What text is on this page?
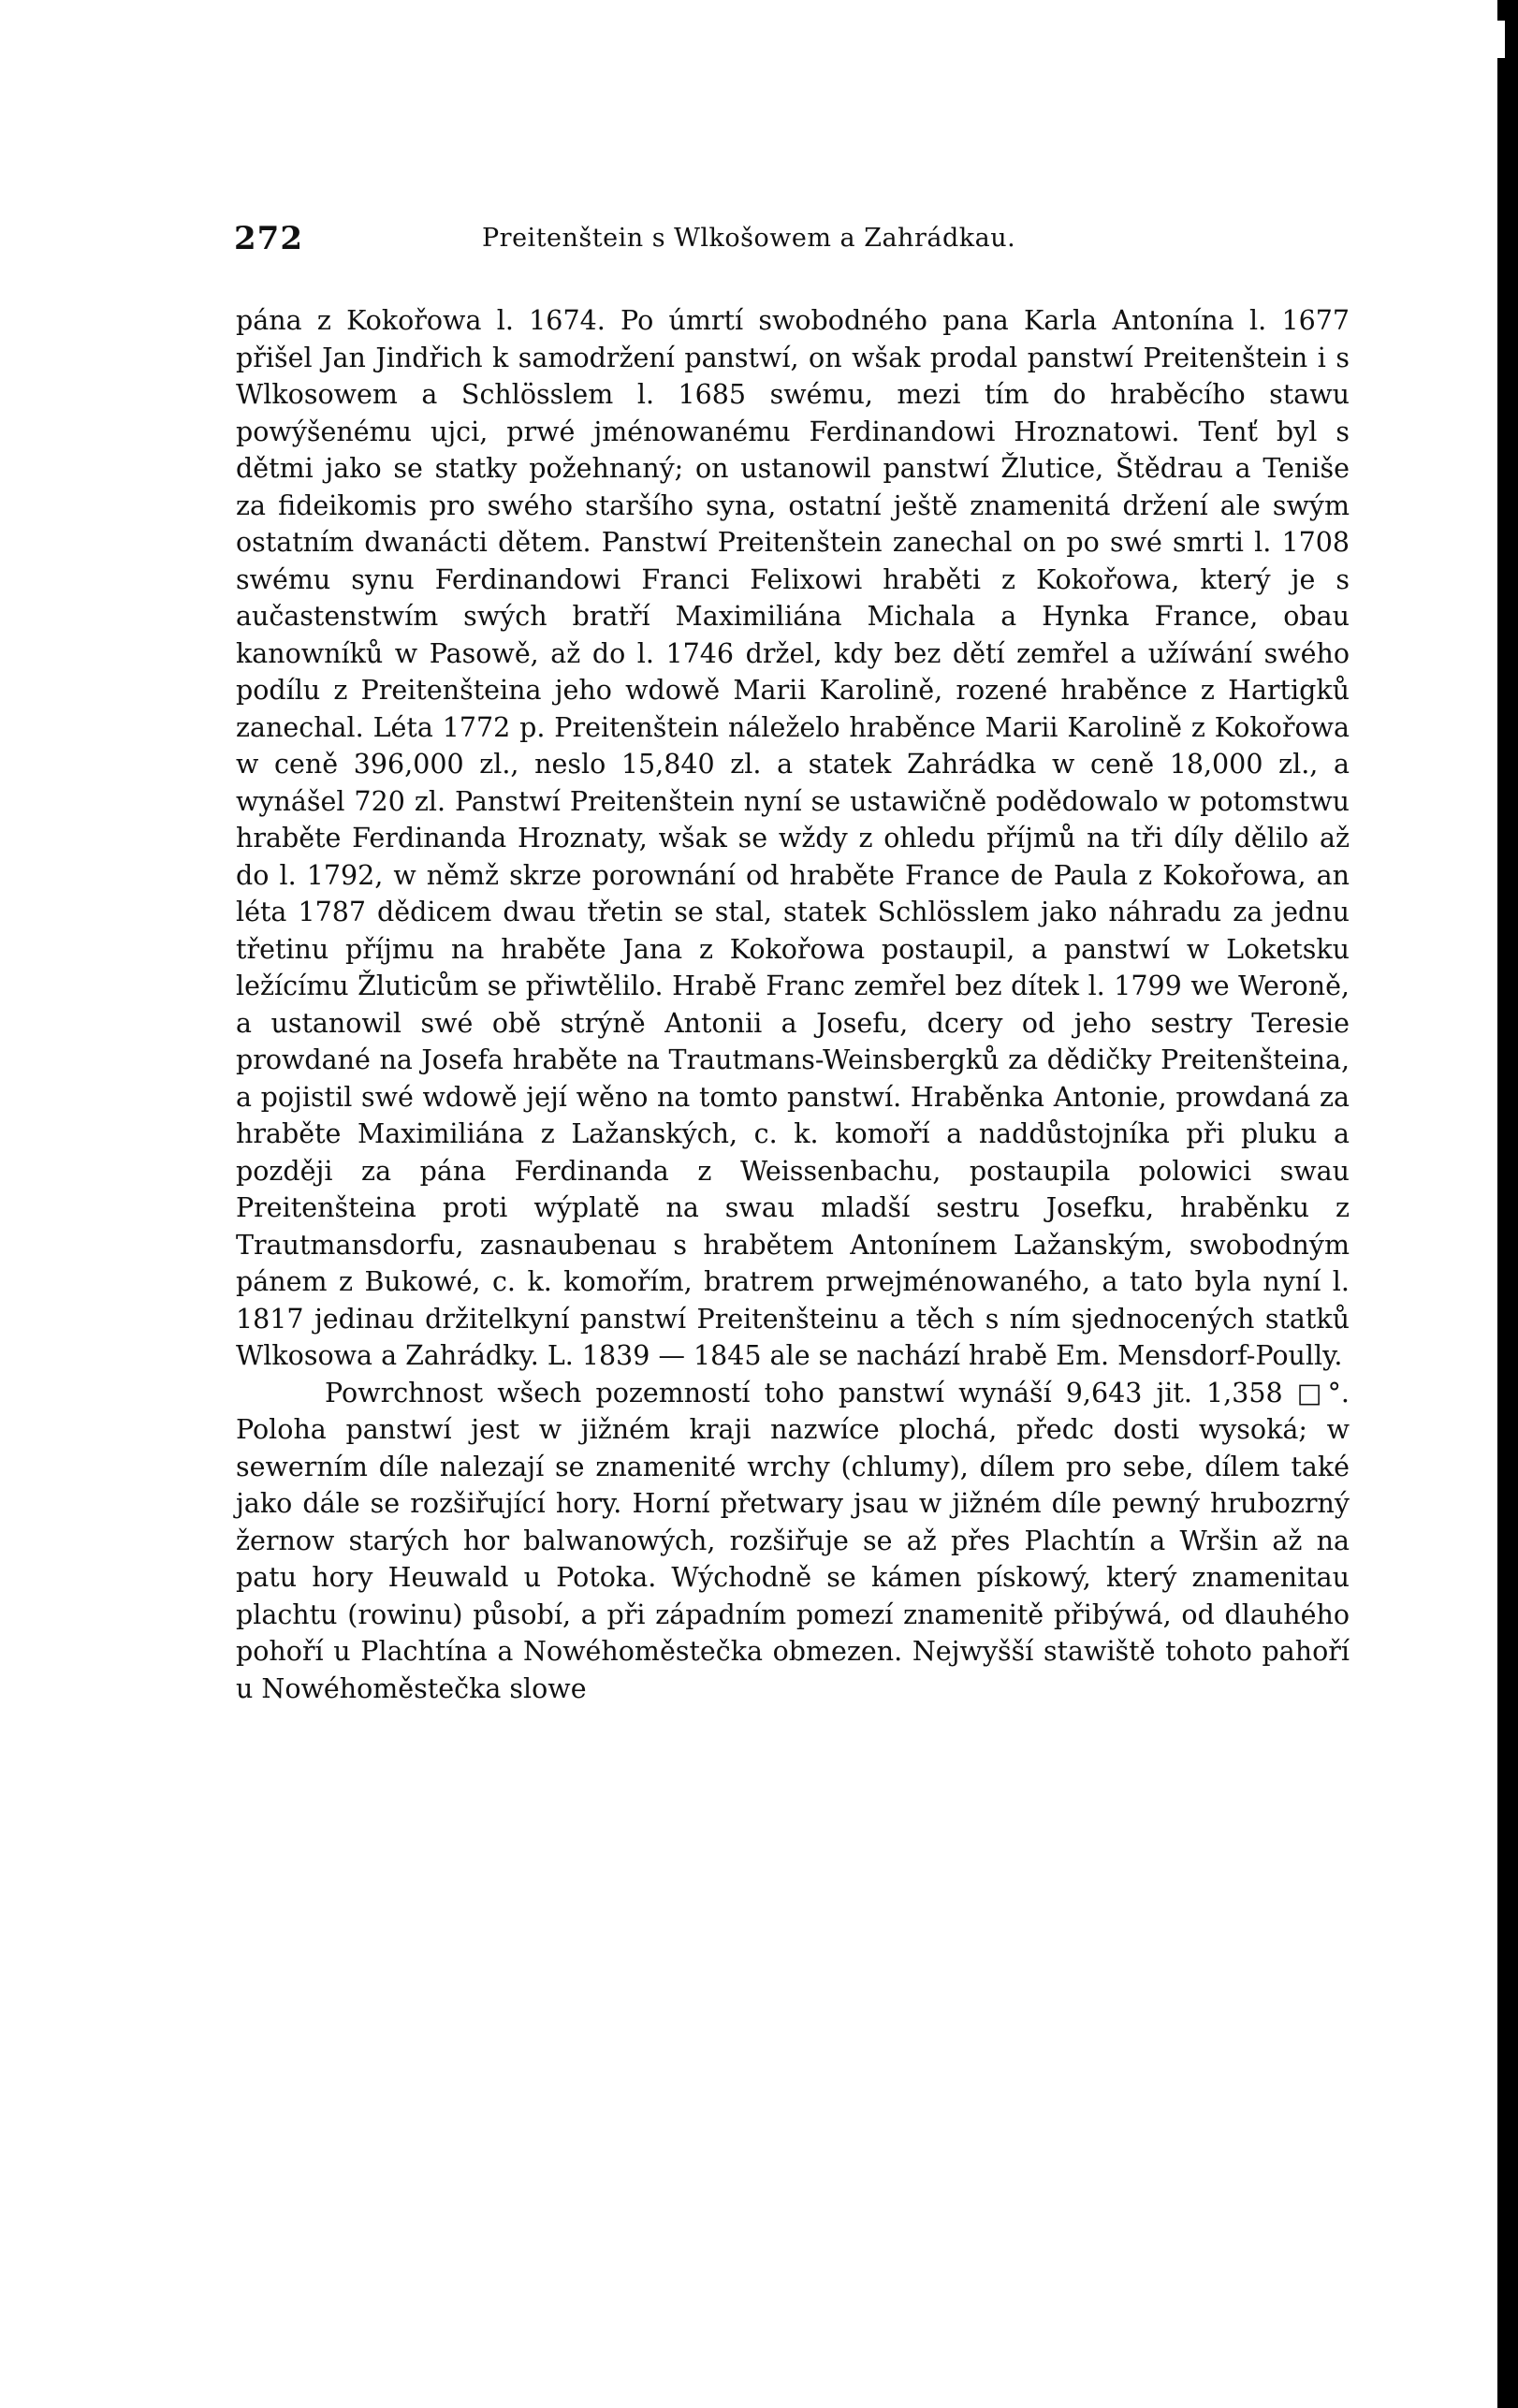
272	Preitenštein s Wlkošowem a Zahrádkau.

pána z Kokořowa l. 1674. Po úmrtí swobodného pana Karla Antonína l. 1677 přišel Jan Jindřich k samodržení panstwí, on wšak prodal panstwí Preitenštein i s Wlkosowem a Schlösslem l. 1685 swému, mezi tím do hraběcího stawu powýšenému ujci, prwé jménowanému Ferdinandowi Hroznatowi. Tenť byl s dětmi jako se statky požehnaný; on ustanowil panstwí Žlutice, Štědrau a Teniše za fideikomis pro swého staršího syna, ostatní ještě znamenitá držení ale swým ostatním dwanácti dětem. Panstwí Preitenštein zanechal on po swé smrti l. 1708 swému synu Ferdinandowi Franci Felixowi hraběti z Kokořowa, který je s aučastenstwím swých bratří Maximiliána Michala a Hynka France, obau kanowníků w Pasowě, až do l. 1746 držel, kdy bez dětí zemřel a užíwání swého podílu z Preitenšteina jeho wdowě Marii Karolině, rozené hraběnce z Hartigků zanechal. Léta 1772 p. Preitenštein náleželo hraběnce Marii Karolině z Kokořowa w ceně 396,000 zl., neslo 15,840 zl. a statek Zahrádka w ceně 18,000 zl., a wynášel 720 zl. Panstwí Preitenštein nyní se ustawičně podědowalo w potomstwu hraběte Ferdinanda Hroznaty, wšak se wždy z ohledu příjmů na tři díly dělilo až do l. 1792, w němž skrze porownání od hraběte France de Paula z Kokořowa, an léta 1787 dědicem dwau třetin se stal, statek Schlösslem jako náhradu za jednu třetinu příjmu na hraběte Jana z Kokořowa postaupil, a panstwí w Loketsku ležícímu Žluticům se přiwtělilo. Hrabě Franc zemřel bez dítek l. 1799 we Weroně, a ustanowil swé obě strýně Antonii a Josefu, dcery od jeho sestry Teresie prowdané na Josefa hraběte na Trautmans-Weinsbergků za dědičky Preitenšteina, a pojistil swé wdowě její wěno na tomto panstwí. Hraběnka Antonie, prowdaná za hraběte Maximiliána z Lažanských, c. k. komoří a naddůstojníka při pluku a později za pána Ferdinanda z Weissenbachu, postaupila polowici swau Preitenšteina proti wýplatě na swau mladší sestru Josefku, hraběnku z Trautmansdorfu, zasnaubenau s hrabětem Antonínem Lažanským, swobodným pánem z Bukowé, c. k. komořím, bratrem prwejménowaného, a tato byla nyní l. 1817 jedinau držitelkyní panstwí Preitenšteinu a těch s ním sjednocených statků Wlkosowa a Zahrádky. L. 1839 — 1845 ale se nachází hrabě Em. Mensdorf-Poully.

Powrchnost wšech pozemností toho panstwí wynáší 9,643 jit. 1,358 □°. Poloha panstwí jest w jižném kraji nazwíce plochá, předc dosti wysoká; w sewerním díle nalezají se znamenité wrchy (chlumy), dílem pro sebe, dílem také jako dále se rozšiřující hory. Horní přetwary jsau w jižném díle pewný hrubozrný žernow starých hor balwanowých, rozšiřuje se až přes Plachtín a Wršin až na patu hory Heuwald u Potoka. Wýchodně se kámen pískowý, který znamenitau plachtu (rowinu) působí, a při západním pomezí znamenitě přibýwá, od dlauhého pohoří u Plachtína a Nowéhoměstečka obmezen. Nejwyšší stawiště tohoto pahoří u Nowéhoměstečka slowe
